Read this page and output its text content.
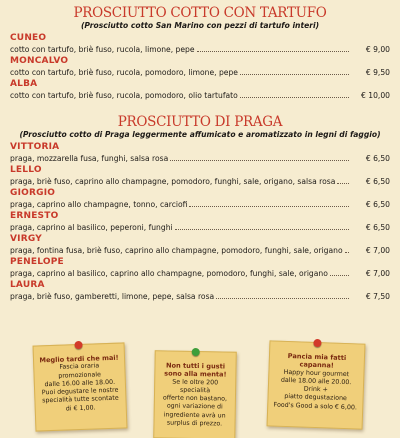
PROSCIUTTO COTTO CON TARTUFO
(Prosciutto cotto San Marino con pezzi di tartufo interi)
CUNEO
cotto con tartufo, briè fuso, rucola, limone, pepe	€ 9,00
MONCALVO
cotto con tartufo, briè fuso, rucola, pomodoro, limone, pepe	€ 9,50
ALBA
cotto con tartufo, briè fuso, rucola, pomodoro, olio tartufato	€ 10,00
PROSCIUTTO DI PRAGA
(Prosciutto cotto di Praga leggermente affumicato e aromatizzato in legni di faggio)
VITTORIA
praga, mozzarella fusa, funghi, salsa rosa	€ 6,50
LELLO
praga, briè fuso, caprino allo champagne, pomodoro, funghi, sale, origano, salsa rosa	€ 6,50
GIORGIO
praga, caprino allo champagne, tonno, carciofi	€ 6,50
ERNESTO
praga, caprino al basilico, peperoni, funghi	€ 6,50
VIRGY
praga, fontina fusa, briè fuso, caprino allo champagne, pomodoro, funghi, sale, origano	€ 7,00
PENELOPE
praga, caprino al basilico, caprino allo champagne, pomodoro, funghi, sale, origano	€ 7,00
LAURA
praga, briè fuso, gamberetti, limone, pepe, salsa rosa	€ 7,50
Meglio tardi che mai!
Fascia oraria
promozionale
dalle 16.00 alle 18.00.
Puoi degustare le nostre
specialità tutte scontate
di € 1,00.
Non tutti i gusti sono alla menta!
Se le oltre 200 specialità
offerte non bastano,
ogni variazione di
ingrediente avrà un
surplus di prezzo.
Pancia mia fatti capanna!
Happy hour gourmet
dalle 18.00 alle 20.00.
Drink +
piatto degustazione
Food's Good a solo € 6,00.
